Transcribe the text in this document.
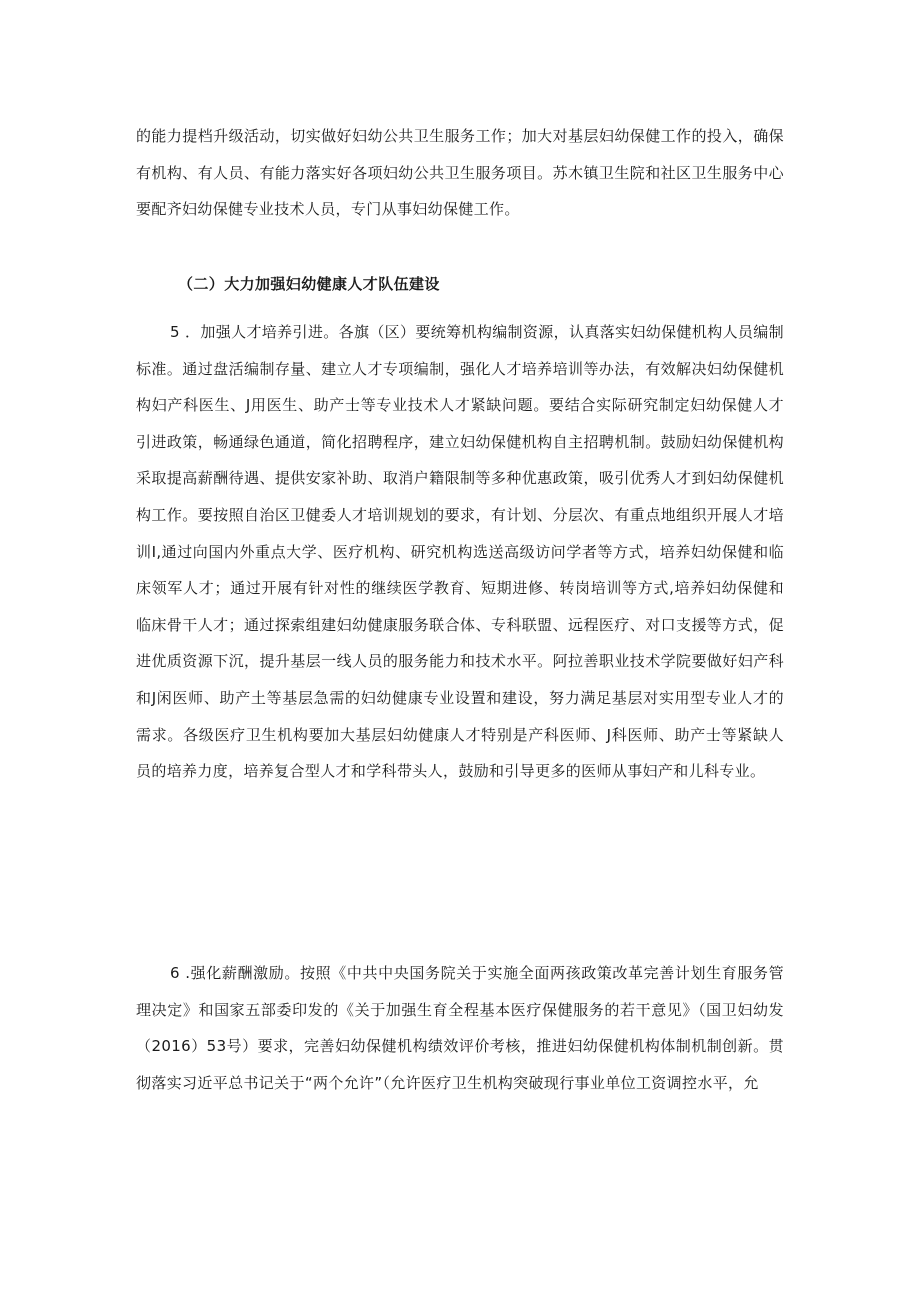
的能力提档升级活动，切实做好妇幼公共卫生服务工作；加大对基层妇幼保健工作的投入，确保有机构、有人员、有能力落实好各项妇幼公共卫生服务项目。苏木镇卫生院和社区卫生服务中心要配齐妇幼保健专业技术人员，专门从事妇幼保健工作。

（二）大力加强妇幼健康人才队伍建设

5 ．加强人才培养引进。各旗（区）要统筹机构编制资源，认真落实妇幼保健机构人员编制标准。通过盘活编制存量、建立人才专项编制，强化人才培养培训等办法，有效解决妇幼保健机构妇产科医生、J用医生、助产士等专业技术人才紧缺问题。要结合实际研究制定妇幼保健人才引进政策，畅通绿色通道，简化招聘程序，建立妇幼保健机构自主招聘机制。鼓励妇幼保健机构采取提高薪酬待遇、提供安家补助、取消户籍限制等多种优惠政策，吸引优秀人才到妇幼保健机构工作。要按照自治区卫健委人才培训规划的要求，有计划、分层次、有重点地组织开展人才培训I,通过向国内外重点大学、医疗机构、研究机构选送高级访问学者等方式，培养妇幼保健和临床领军人才；通过开展有针对性的继续医学教育、短期进修、转岗培训等方式,培养妇幼保健和临床骨干人才；通过探索组建妇幼健康服务联合体、专科联盟、远程医疗、对口支援等方式，促进优质资源下沉，提升基层一线人员的服务能力和技术水平。阿拉善职业技术学院要做好妇产科和J闲医师、助产土等基层急需的妇幼健康专业设置和建设，努力满足基层对实用型专业人才的需求。各级医疗卫生机构要加大基层妇幼健康人才特别是产科医师、J科医师、助产士等紧缺人员的培养力度，培养复合型人才和学科带头人，鼓励和引导更多的医师从事妇产和儿科专业。

6 .强化薪酬激励。按照《中共中央国务院关于实施全面两孩政策改革完善计划生育服务管理决定》和国家五部委印发的《关于加强生育全程基本医疗保健服务的若干意见》（国卫妇幼发（2016）53号）要求，完善妇幼保健机构绩效评价考核，推进妇幼保健机构体制机制创新。贯彻落实习近平总书记关于“两个允许”（允许医疗卫生机构突破现行事业单位工资调控水平，允
